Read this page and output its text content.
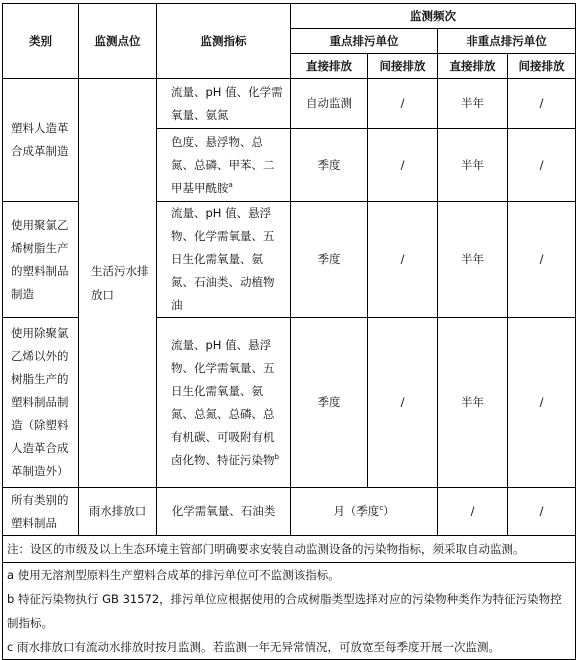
类别	监测点位	监测指标	监测频次			
			重点排污单位		非重点排污单位	
			直接排放	间接排放	直接排放	间接排放
塑料人造革合成革制造	生活污水排放口	流量、pH 值、化学需氧量、氨氮	自动监测	/	半年	/
		色度、悬浮物、总氮、总磷、甲苯、二甲基甲酰胺$^a$	季度	/	半年	/
使用聚氯乙烯树脂生产的塑料制品制造		流量、pH 值、悬浮物、化学需氧量、五日生化需氧量、氨氮、石油类、动植物油	季度	/	半年	/
使用除聚氯乙烯以外的树脂生产的塑料制品制造（除塑料人造革合成革制造外）		流量、pH 值、悬浮物、化学需氧量、五日生化需氧量、氨氮、总氮、总磷、总有机碳、可吸附有机卤化物、特征污染物$^b$	季度	/	半年	/
所有类别的塑料制品	雨水排放口	化学需氧量、石油类	月（季度$^c$）		/	/

注：设区的市级及以上生态环境主管部门明确要求安装自动监测设备的污染物指标，须采取自动监测。
a 使用无溶剂型原料生产塑料合成革的排污单位可不监测该指标。
b 特征污染物执行 GB 31572，排污单位应根据使用的合成树脂类型选择对应的污染物种类作为特征污染物控制指标。
c 雨水排放口有流动水排放时按月监测。若监测一年无异常情况，可放宽至每季度开展一次监测。						
